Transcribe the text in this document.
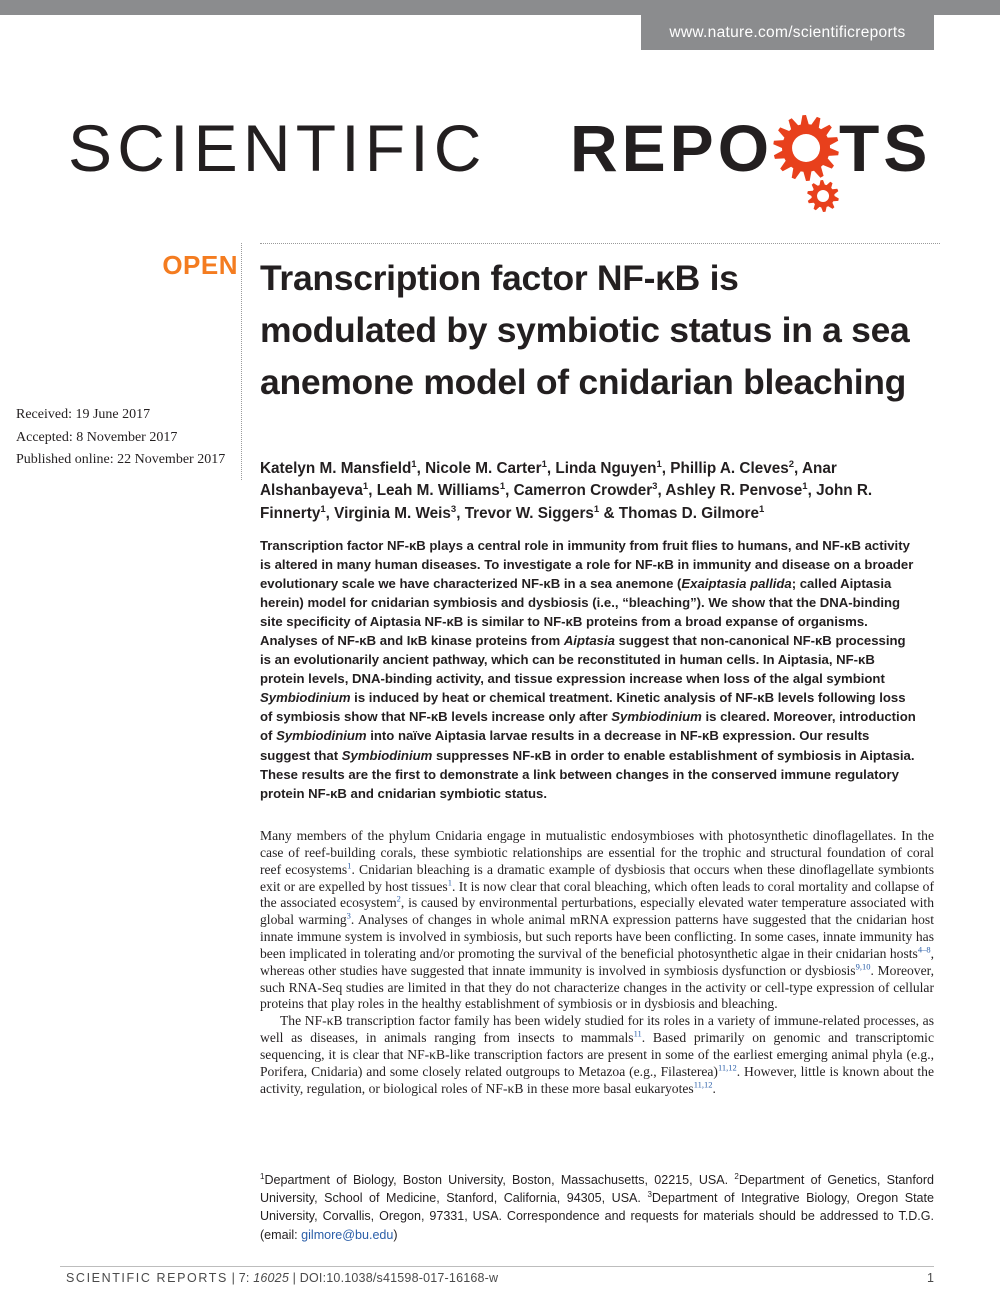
www.nature.com/scientificreports
SCIENTIFIC REPO TS
OPEN Transcription factor NF-κB is modulated by symbiotic status in a sea anemone model of cnidarian bleaching
Received: 19 June 2017
Accepted: 8 November 2017
Published online: 22 November 2017
Katelyn M. Mansfield$^1$, Nicole M. Carter$^1$, Linda Nguyen$^1$, Phillip A. Cleves$^2$, Anar Alshanbayeva$^1$, Leah M. Williams$^1$, Camerron Crowder$^3$, Ashley R. Penvose$^1$, John R. Finnerty$^1$, Virginia M. Weis$^3$, Trevor W. Siggers$^1$ & Thomas D. Gilmore$^1$

Transcription factor NF-κB plays a central role in immunity from fruit flies to humans, and NF-κB activity is altered in many human diseases. To investigate a role for NF-κB in immunity and disease on a broader evolutionary scale we have characterized NF-κB in a sea anemone (Exaiptasia pallida; called Aiptasia herein) model for cnidarian symbiosis and dysbiosis (i.e., “bleaching”). We show that the DNA-binding site specificity of Aiptasia NF-κB is similar to NF-κB proteins from a broad expanse of organisms. Analyses of NF-κB and IκB kinase proteins from Aiptasia suggest that non-canonical NF-κB processing is an evolutionarily ancient pathway, which can be reconstituted in human cells. In Aiptasia, NF-κB protein levels, DNA-binding activity, and tissue expression increase when loss of the algal symbiont Symbiodinium is induced by heat or chemical treatment. Kinetic analysis of NF-κB levels following loss of symbiosis show that NF-κB levels increase only after Symbiodinium is cleared. Moreover, introduction of Symbiodinium into naïve Aiptasia larvae results in a decrease in NF-κB expression. Our results suggest that Symbiodinium suppresses NF-κB in order to enable establishment of symbiosis in Aiptasia. These results are the first to demonstrate a link between changes in the conserved immune regulatory protein NF-κB and cnidarian symbiotic status.

Many members of the phylum Cnidaria engage in mutualistic endosymbioses with photosynthetic dinoflagellates. In the case of reef-building corals, these symbiotic relationships are essential for the trophic and structural foundation of coral reef ecosystems$^1$. Cnidarian bleaching is a dramatic example of dysbiosis that occurs when these dinoflagellate symbionts exit or are expelled by host tissues$^1$. It is now clear that coral bleaching, which often leads to coral mortality and collapse of the associated ecosystem$^2$, is caused by environmental perturbations, especially elevated water temperature associated with global warming$^3$. Analyses of changes in whole animal mRNA expression patterns have suggested that the cnidarian host innate immune system is involved in symbiosis, but such reports have been conflicting. In some cases, innate immunity has been implicated in tolerating and/or promoting the survival of the beneficial photosynthetic algae in their cnidarian hosts$^{4-8}$, whereas other studies have suggested that innate immunity is involved in symbiosis dysfunction or dysbiosis$^{9,10}$. Moreover, such RNA-Seq studies are limited in that they do not characterize changes in the activity or cell-type expression of cellular proteins that play roles in the healthy establishment of symbiosis or in dysbiosis and bleaching.

The NF-κB transcription factor family has been widely studied for its roles in a variety of immune-related processes, as well as diseases, in animals ranging from insects to mammals$^{11}$. Based primarily on genomic and transcriptomic sequencing, it is clear that NF-κB-like transcription factors are present in some of the earliest emerging animal phyla (e.g., Porifera, Cnidaria) and some closely related outgroups to Metazoa (e.g., Filasterea)$^{11,12}$. However, little is known about the activity, regulation, or biological roles of NF-κB in these more basal eukaryotes$^{11,12}$.

$^1$Department of Biology, Boston University, Boston, Massachusetts, 02215, USA. $^2$Department of Genetics, Stanford University, School of Medicine, Stanford, California, 94305, USA. $^3$Department of Integrative Biology, Oregon State University, Corvallis, Oregon, 97331, USA. Correspondence and requests for materials should be addressed to T.D.G. (email: gilmore@bu.edu)
SCIENTIFIC REPORTS | 7: 16025 | DOI:10.1038/s41598-017-16168-w	1
